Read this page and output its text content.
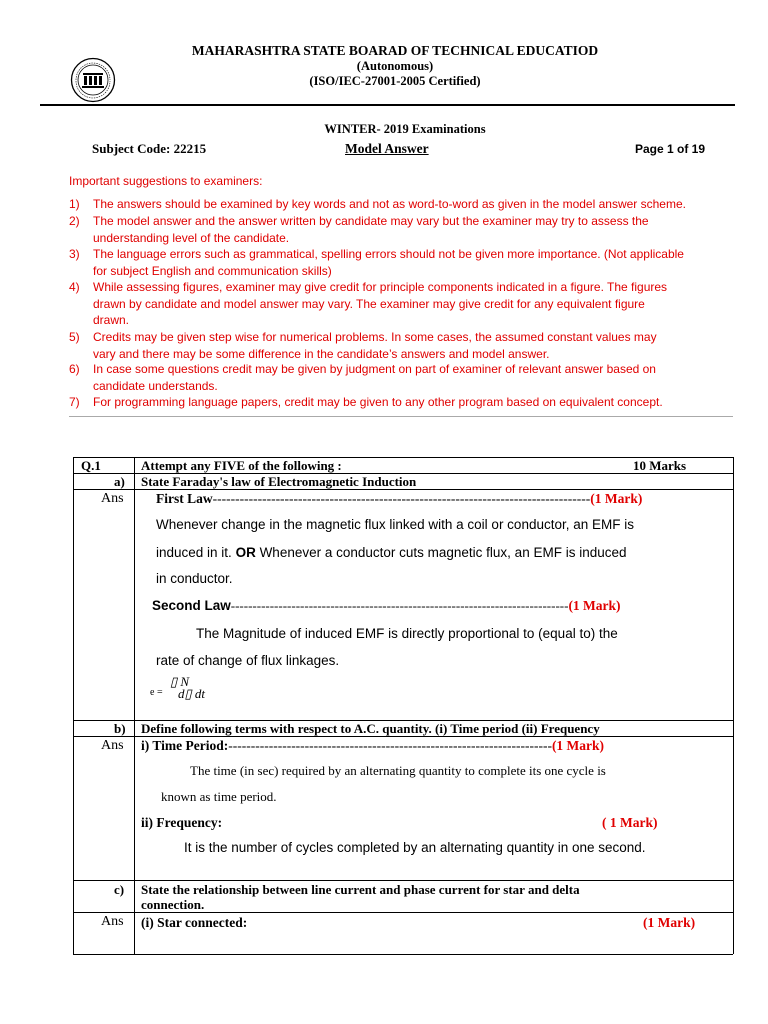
MAHARASHTRA STATE BOARAD OF TECHNICAL EDUCATIOD
(Autonomous)
(ISO/IEC-27001-2005 Certified)
WINTER- 2019 Examinations
Subject Code: 22215	Model Answer	Page 1 of 19
Important suggestions to examiners:
1) The answers should be examined by key words and not as word-to-word as given in the model answer scheme.
2) The model answer and the answer written by candidate may vary but the examiner may try to assess the
understanding level of the candidate.
3) The language errors such as grammatical, spelling errors should not be given more importance. (Not applicable
for subject English and communication skills)
4) While assessing figures, examiner may give credit for principle components indicated in a figure. The figures
drawn by candidate and model answer may vary. The examiner may give credit for any equivalent figure
drawn.
5) Credits may be given step wise for numerical problems. In some cases, the assumed constant values may
vary and there may be some difference in the candidate’s answers and model answer.
6) In case some questions credit may be given by judgment on part of examiner of relevant answer based on
candidate understands.
7) For programming language papers, credit may be given to any other program based on equivalent concept.
Q.1	Attempt any FIVE of the following :	10 Marks
a) State Faraday's law of Electromagnetic Induction
Ans First Law------------------------------------------------------------------------------------(1 Mark)
Whenever change in the magnetic flux linked with a coil or conductor, an EMF is
induced in it. OR Whenever a conductor cuts magnetic flux, an EMF is induced
in conductor.
Second Law------------------------------------------------------------------------------(1 Mark)
The Magnitude of induced EMF is directly proportional to (equal to) the
rate of change of flux linkages.
e =
▯ N
d▯ dt
b) Define following terms with respect to A.C. quantity. (i) Time period (ii) Frequency
Ans i) Time Period:------------------------------------------------------------------------(1 Mark)
The time (in sec) required by an alternating quantity to complete its one cycle is
known as time period.
ii) Frequency:	( 1 Mark)
It is the number of cycles completed by an alternating quantity in one second.
c) State the relationship between line current and phase current for star and delta
connection.
Ans (i) Star connected:	(1 Mark)
